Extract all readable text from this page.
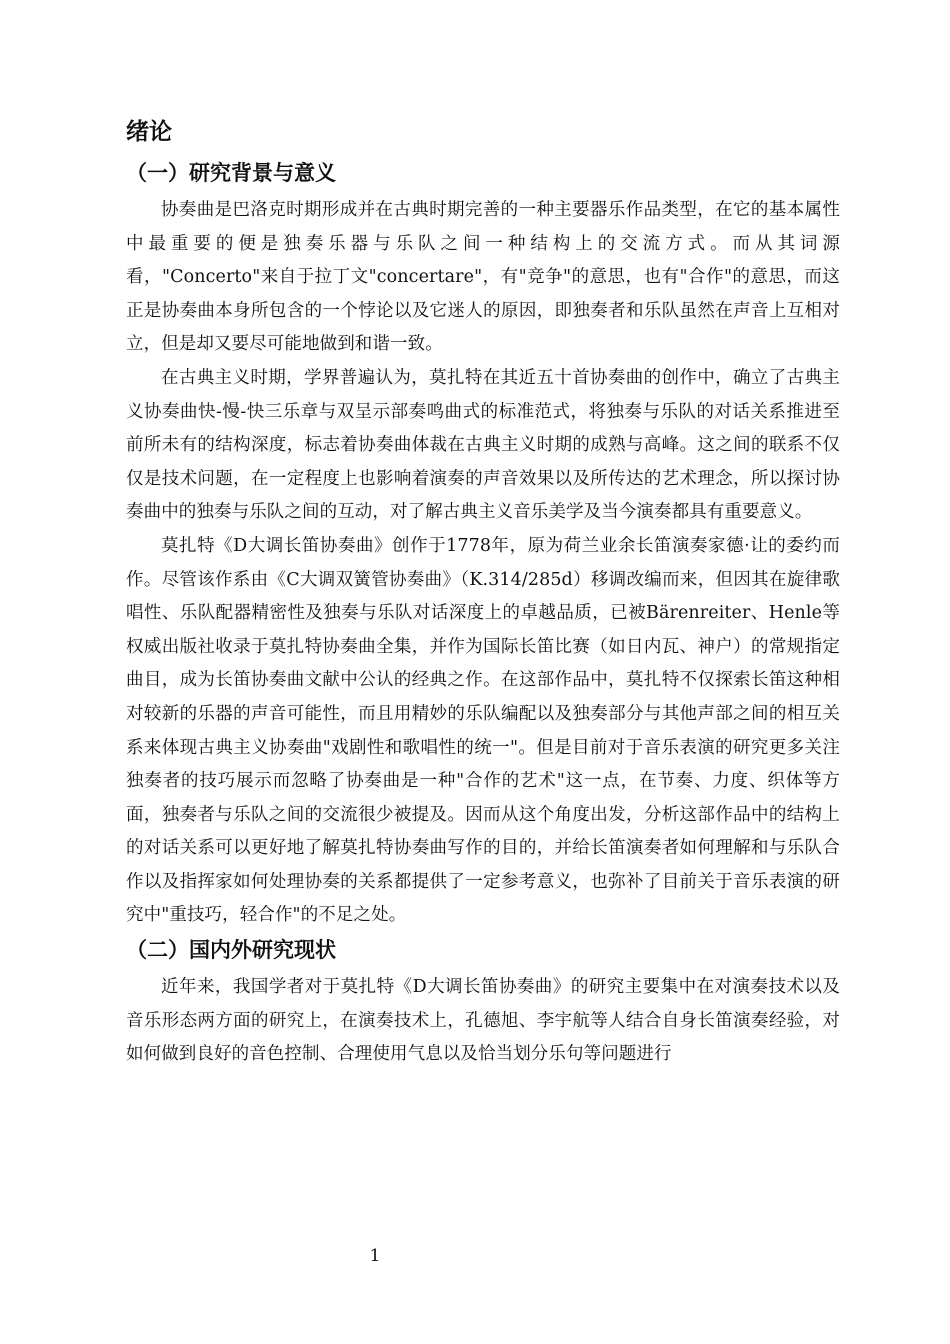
绪论
（一）研究背景与意义

协奏曲是巴洛克时期形成并在古典时期完善的一种主要器乐作品类型，在它的基本属性中最重要的便是独奏乐器与乐队之间一种结构上的交流方式。而从其词源看，"Concerto"来自于拉丁文"concertare"，有"竞争"的意思，也有"合作"的意思，而这正是协奏曲本身所包含的一个悖论以及它迷人的原因，即独奏者和乐队虽然在声音上互相对立，但是却又要尽可能地做到和谐一致。

在古典主义时期，学界普遍认为，莫扎特在其近五十首协奏曲的创作中，确立了古典主义协奏曲快-慢-快三乐章与双呈示部奏鸣曲式的标准范式，将独奏与乐队的对话关系推进至前所未有的结构深度，标志着协奏曲体裁在古典主义时期的成熟与高峰。这之间的联系不仅仅是技术问题，在一定程度上也影响着演奏的声音效果以及所传达的艺术理念，所以探讨协奏曲中的独奏与乐队之间的互动，对了解古典主义音乐美学及当今演奏都具有重要意义。

莫扎特《D大调长笛协奏曲》创作于1778年，原为荷兰业余长笛演奏家德·让的委约而作。尽管该作系由《C大调双簧管协奏曲》（K.314/285d）移调改编而来，但因其在旋律歌唱性、乐队配器精密性及独奏与乐队对话深度上的卓越品质，已被Bärenreiter、Henle等权威出版社收录于莫扎特协奏曲全集，并作为国际长笛比赛（如日内瓦、神户）的常规指定曲目，成为长笛协奏曲文献中公认的经典之作。在这部作品中，莫扎特不仅探索长笛这种相对较新的乐器的声音可能性，而且用精妙的乐队编配以及独奏部分与其他声部之间的相互关系来体现古典主义协奏曲"戏剧性和歌唱性的统一"。但是目前对于音乐表演的研究更多关注独奏者的技巧展示而忽略了协奏曲是一种"合作的艺术"这一点，在节奏、力度、织体等方面，独奏者与乐队之间的交流很少被提及。因而从这个角度出发，分析这部作品中的结构上的对话关系可以更好地了解莫扎特协奏曲写作的目的，并给长笛演奏者如何理解和与乐队合作以及指挥家如何处理协奏的关系都提供了一定参考意义，也弥补了目前关于音乐表演的研究中"重技巧，轻合作"的不足之处。

（二）国内外研究现状

近年来，我国学者对于莫扎特《D大调长笛协奏曲》的研究主要集中在对演奏技术以及音乐形态两方面的研究上，在演奏技术上，孔德旭、李宇航等人结合自身长笛演奏经验，对如何做到良好的音色控制、合理使用气息以及恰当划分乐句等问题进行

1
